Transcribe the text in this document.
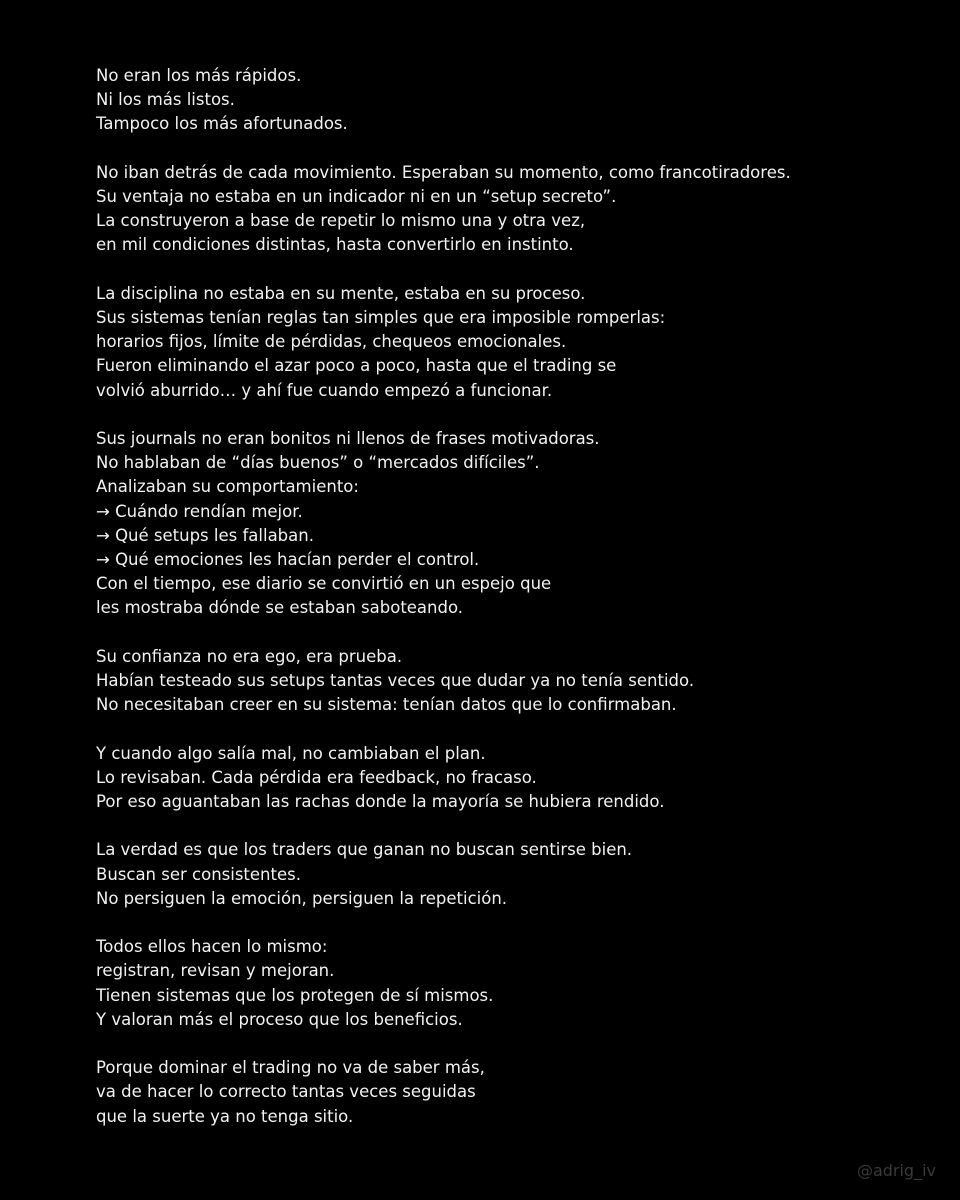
No eran los más rápidos.
Ni los más listos.
Tampoco los más afortunados.
No iban detrás de cada movimiento. Esperaban su momento, como francotiradores.
Su ventaja no estaba en un indicador ni en un “setup secreto”.
La construyeron a base de repetir lo mismo una y otra vez,
en mil condiciones distintas, hasta convertirlo en instinto.
La disciplina no estaba en su mente, estaba en su proceso.
Sus sistemas tenían reglas tan simples que era imposible romperlas:
horarios fijos, límite de pérdidas, chequeos emocionales.
Fueron eliminando el azar poco a poco, hasta que el trading se
volvió aburrido… y ahí fue cuando empezó a funcionar.
Sus journals no eran bonitos ni llenos de frases motivadoras.
No hablaban de “días buenos” o “mercados difíciles”.
Analizaban su comportamiento:
→ Cuándo rendían mejor.
→ Qué setups les fallaban.
→ Qué emociones les hacían perder el control.
Con el tiempo, ese diario se convirtió en un espejo que
les mostraba dónde se estaban saboteando.
Su confianza no era ego, era prueba.
Habían testeado sus setups tantas veces que dudar ya no tenía sentido.
No necesitaban creer en su sistema: tenían datos que lo confirmaban.
Y cuando algo salía mal, no cambiaban el plan.
Lo revisaban. Cada pérdida era feedback, no fracaso.
Por eso aguantaban las rachas donde la mayoría se hubiera rendido.
La verdad es que los traders que ganan no buscan sentirse bien.
Buscan ser consistentes.
No persiguen la emoción, persiguen la repetición.
Todos ellos hacen lo mismo:
registran, revisan y mejoran.
Tienen sistemas que los protegen de sí mismos.
Y valoran más el proceso que los beneficios.
Porque dominar el trading no va de saber más,
va de hacer lo correcto tantas veces seguidas
que la suerte ya no tenga sitio.
@adrig_iv
